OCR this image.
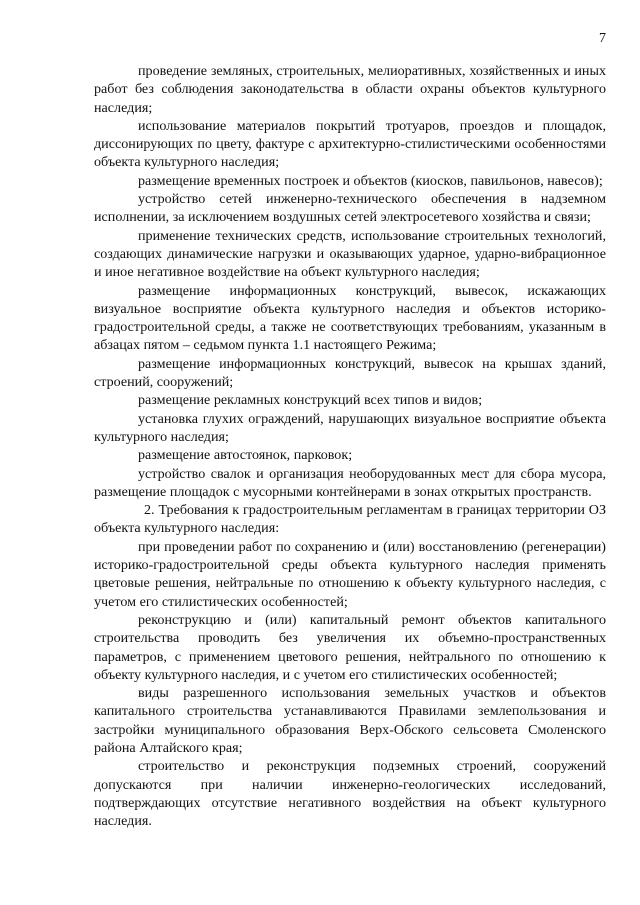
7

проведение земляных, строительных, мелиоративных, хозяйственных и иных работ без соблюдения законодательства в области охраны объектов культурного наследия;

использование материалов покрытий тротуаров, проездов и площадок, диссонирующих по цвету, фактуре с архитектурно-стилистическими особенностями объекта культурного наследия;

размещение временных построек и объектов (киосков, павильонов, навесов);

устройство сетей инженерно-технического обеспечения в надземном исполнении, за исключением воздушных сетей электросетевого хозяйства и связи;

применение технических средств, использование строительных технологий, создающих динамические нагрузки и оказывающих ударное, ударно-вибрационное и иное негативное воздействие на объект культурного наследия;

размещение информационных конструкций, вывесок, искажающих визуальное восприятие объекта культурного наследия и объектов историко-градостроительной среды, а также не соответствующих требованиям, указанным в абзацах пятом – седьмом пункта 1.1 настоящего Режима;

размещение информационных конструкций, вывесок на крышах зданий, строений, сооружений;

размещение рекламных конструкций всех типов и видов;

установка глухих ограждений, нарушающих визуальное восприятие объекта культурного наследия;

размещение автостоянок, парковок;

устройство свалок и организация необорудованных мест для сбора мусора, размещение площадок с мусорными контейнерами в зонах открытых пространств.

2. Требования к градостроительным регламентам в границах территории ОЗ объекта культурного наследия:

при проведении работ по сохранению и (или) восстановлению (регенерации) историко-градостроительной среды объекта культурного наследия применять цветовые решения, нейтральные по отношению к объекту культурного наследия, с учетом его стилистических особенностей;

реконструкцию и (или) капитальный ремонт объектов капитального строительства проводить без увеличения их объемно-пространственных параметров, с применением цветового решения, нейтрального по отношению к объекту культурного наследия, и с учетом его стилистических особенностей;

виды разрешенного использования земельных участков и объектов капитального строительства устанавливаются Правилами землепользования и застройки муниципального образования Верх-Обского сельсовета Смоленского района Алтайского края;

строительство и реконструкция подземных строений, сооружений допускаются при наличии инженерно-геологических исследований, подтверждающих отсутствие негативного воздействия на объект культурного наследия.
